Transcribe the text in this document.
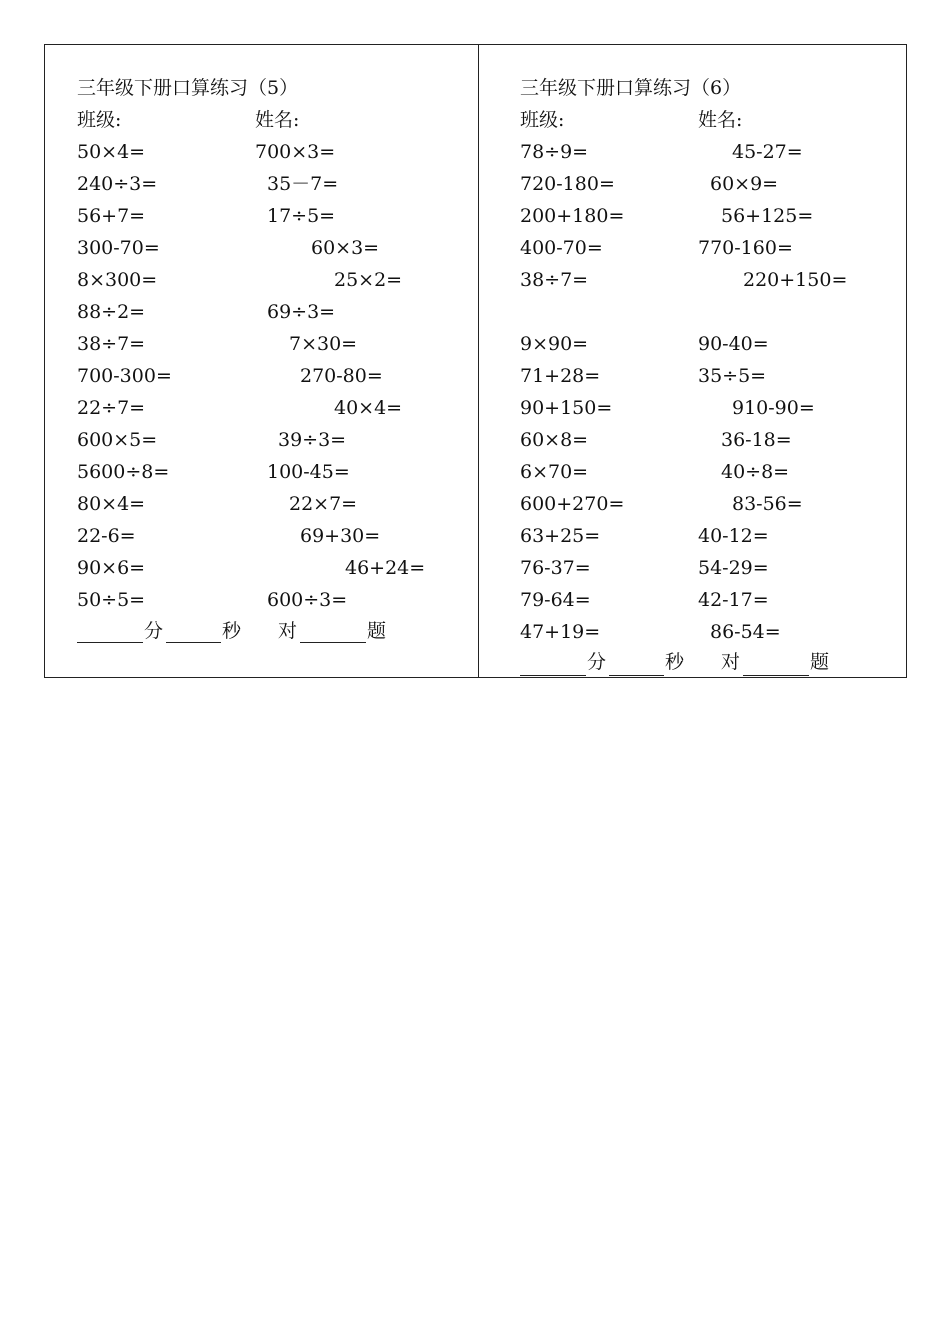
三年级下册口算练习（5）
班级:	姓名:
50×4=	700×3=
240÷3=	35－7=
56+7=	17÷5=
300-70=	60×3=
8×300=	25×2=
88÷2=	69÷3=
38÷7=	7×30=
700-300=	270-80=
22÷7=	40×4=
600×5=	39÷3=
5600÷8=	100-45=
80×4=	22×7=
22-6=	69+30=
90×6=	46+24=
50÷5=	600÷3=
分	秒 对	题
三年级下册口算练习（6）
班级:	姓名:
78÷9=	45-27=
720-180=	60×9=
200+180=	56+125=
400-70=	770-160=
38÷7=	220+150=
9×90=	90-40=
71+28=	35÷5=
90+150=	910-90=
60×8=	36-18=
6×70=	40÷8=
600+270=	83-56=
63+25=	40-12=
76-37=	54-29=
79-64=	42-17=
47+19=	86-54=
分	秒 对	题
